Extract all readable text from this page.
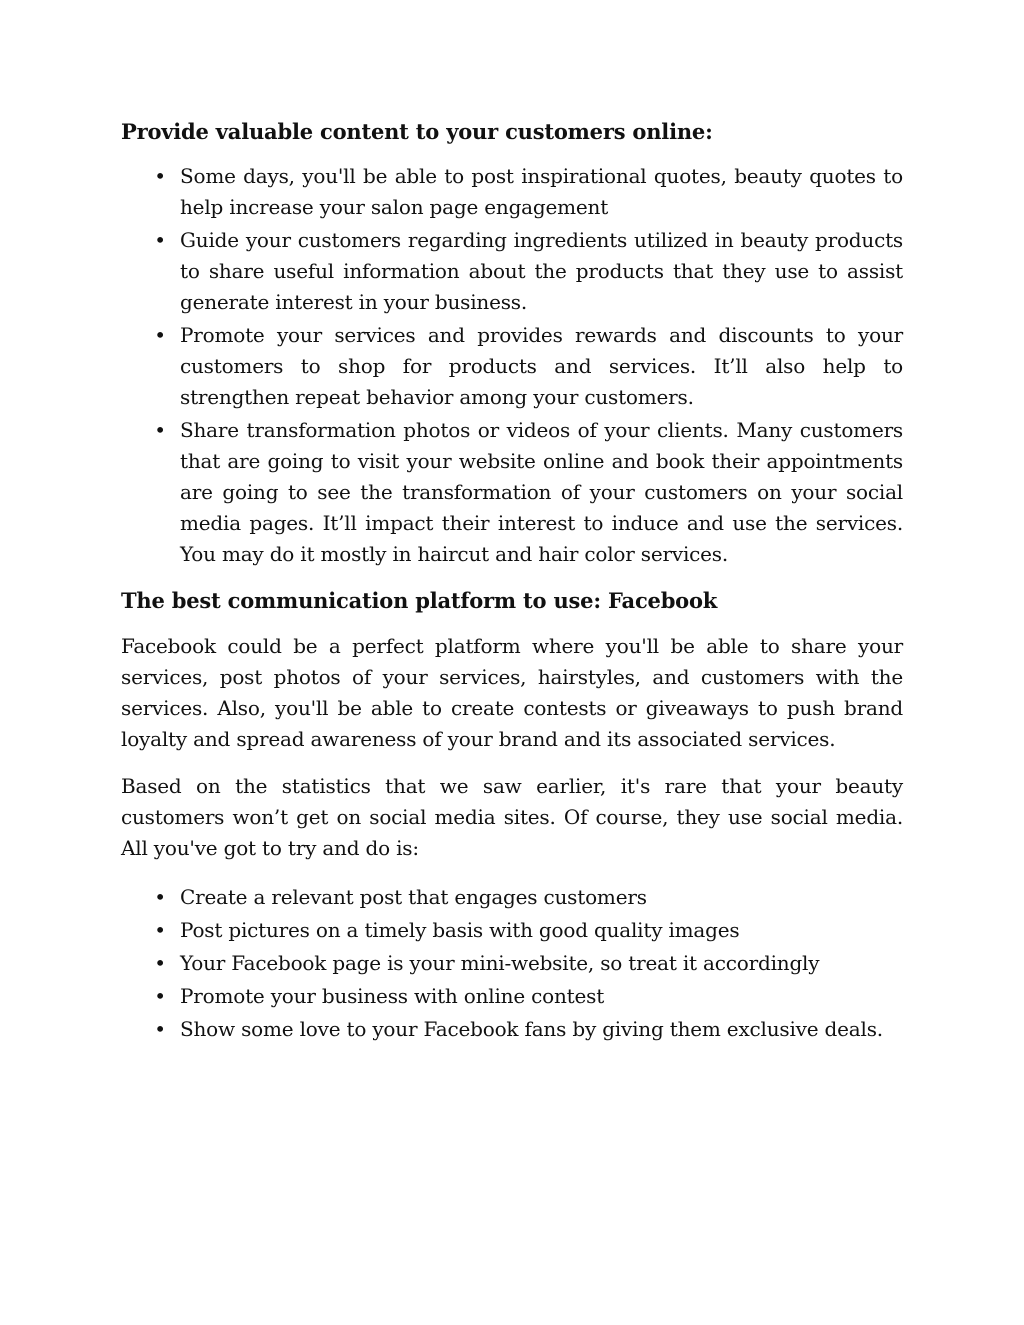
Provide valuable content to your customers online:
• Some days, you'll be able to post inspirational quotes, beauty quotes to help increase your salon page engagement
• Guide your customers regarding ingredients utilized in beauty products to share useful information about the products that they use to assist generate interest in your business.
• Promote your services and provides rewards and discounts to your customers to shop for products and services. It’ll also help to strengthen repeat behavior among your customers.
• Share transformation photos or videos of your clients. Many customers that are going to visit your website online and book their appointments are going to see the transformation of your customers on your social media pages. It’ll impact their interest to induce and use the services. You may do it mostly in haircut and hair color services.
The best communication platform to use: Facebook

Facebook could be a perfect platform where you'll be able to share your services, post photos of your services, hairstyles, and customers with the services. Also, you'll be able to create contests or giveaways to push brand loyalty and spread awareness of your brand and its associated services.

Based on the statistics that we saw earlier, it's rare that your beauty customers won’t get on social media sites. Of course, they use social media. All you've got to try and do is:

• Create a relevant post that engages customers
• Post pictures on a timely basis with good quality images
• Your Facebook page is your mini-website, so treat it accordingly
• Promote your business with online contest
• Show some love to your Facebook fans by giving them exclusive deals.
